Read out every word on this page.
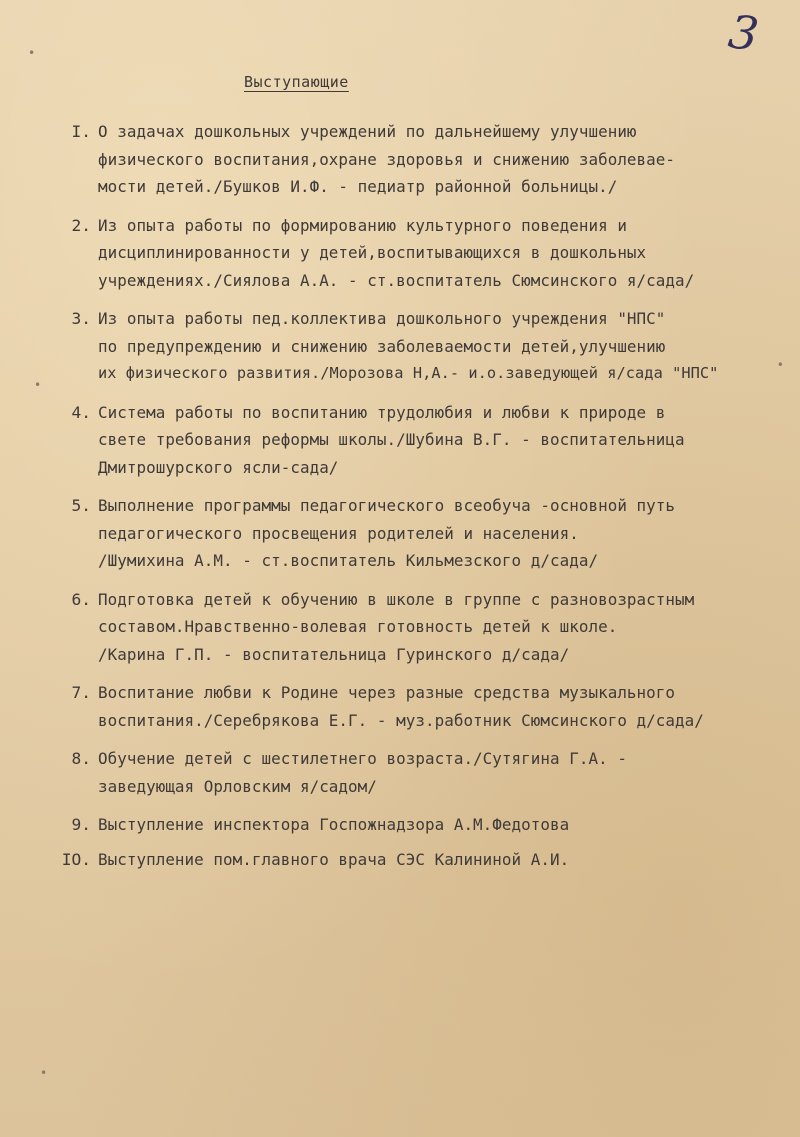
3
Выступающие
•
•
•
•
I. О задачах дошкольных учреждений по дальнейшему улучшению
физического воспитания,охране здоровья и снижению заболевае-
мости детей./Бушков И.Ф. - педиатр районной больницы./
2. Из опыта работы по формированию культурного поведения и
дисциплинированности у детей,воспитывающихся в дошкольных
учреждениях./Сиялова А.А. - ст.воспитатель Сюмсинского я/сада/
3. Из опыта работы пед.коллектива дошкольного учреждения "НПС"
по предупреждению и снижению заболеваемости детей,улучшению
их физического развития./Морозова Н,А.- и.о.заведующей я/сада "НПС"
4. Система работы по воспитанию трудолюбия и любви к природе в
свете требования реформы школы./Шубина В.Г. - воспитательница
Дмитрошурского ясли-сада/
5. Выполнение программы педагогического всеобуча -основной путь
педагогического просвещения родителей и населения.
/Шумихина А.М. - ст.воспитатель Кильмезского д/сада/
6. Подготовка детей к обучению в школе в группе с разновозрастным
составом.Нравственно-волевая готовность детей к школе.
/Карина Г.П. - воспитательница Гуринского д/сада/
7. Воспитание любви к Родине через разные средства музыкального
воспитания./Серебрякова Е.Г. - муз.работник Сюмсинского д/сада/
8. Обучение детей с шестилетнего возраста./Сутягина Г.А. -
заведующая Орловским я/садом/
9. Выступление инспектора Госпожнадзора А.М.Федотова
IO. Выступление пом.главного врача СЭС Калининой А.И.
